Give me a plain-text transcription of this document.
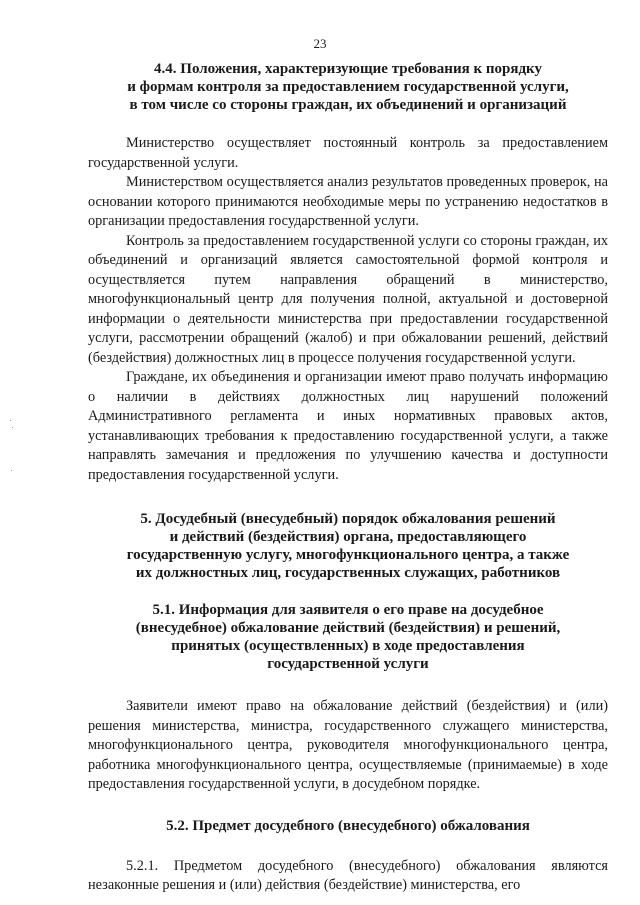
23
4.4. Положения, характеризующие требования к порядку
и формам контроля за предоставлением государственной услуги,
в том числе со стороны граждан, их объединений и организаций

Министерство осуществляет постоянный контроль за предоставлением государственной услуги.

Министерством осуществляется анализ результатов проведенных проверок, на основании которого принимаются необходимые меры по устранению недостатков в организации предоставления государственной услуги.

Контроль за предоставлением государственной услуги со стороны граждан, их объединений и организаций является самостоятельной формой контроля и осуществляется путем направления обращений в министерство, многофункциональный центр для получения полной, актуальной и достоверной информации о деятельности министерства при предоставлении государственной услуги, рассмотрении обращений (жалоб) и при обжаловании решений, действий (бездействия) должностных лиц в процессе получения государственной услуги.

Граждане, их объединения и организации имеют право получать информацию о наличии в действиях должностных лиц нарушений положений Административного регламента и иных нормативных правовых актов, устанавливающих требования к предоставлению государственной услуги, а также направлять замечания и предложения по улучшению качества и доступности предоставления государственной услуги.

5. Досудебный (внесудебный) порядок обжалования решений
и действий (бездействия) органа, предоставляющего
государственную услугу, многофункционального центра, а также
их должностных лиц, государственных служащих, работников
5.1. Информация для заявителя о его праве на досудебное
(внесудебное) обжалование действий (бездействия) и решений,
принятых (осуществленных) в ходе предоставления
государственной услуги

Заявители имеют право на обжалование действий (бездействия) и (или) решения министерства, министра, государственного служащего министерства, многофункционального центра, руководителя многофункционального центра, работника многофункционального центра, осуществляемые (принимаемые) в ходе предоставления государственной услуги, в досудебном порядке.

5.2. Предмет досудебного (внесудебного) обжалования

5.2.1. Предметом досудебного (внесудебного) обжалования являются незаконные решения и (или) действия (бездействие) министерства, его
